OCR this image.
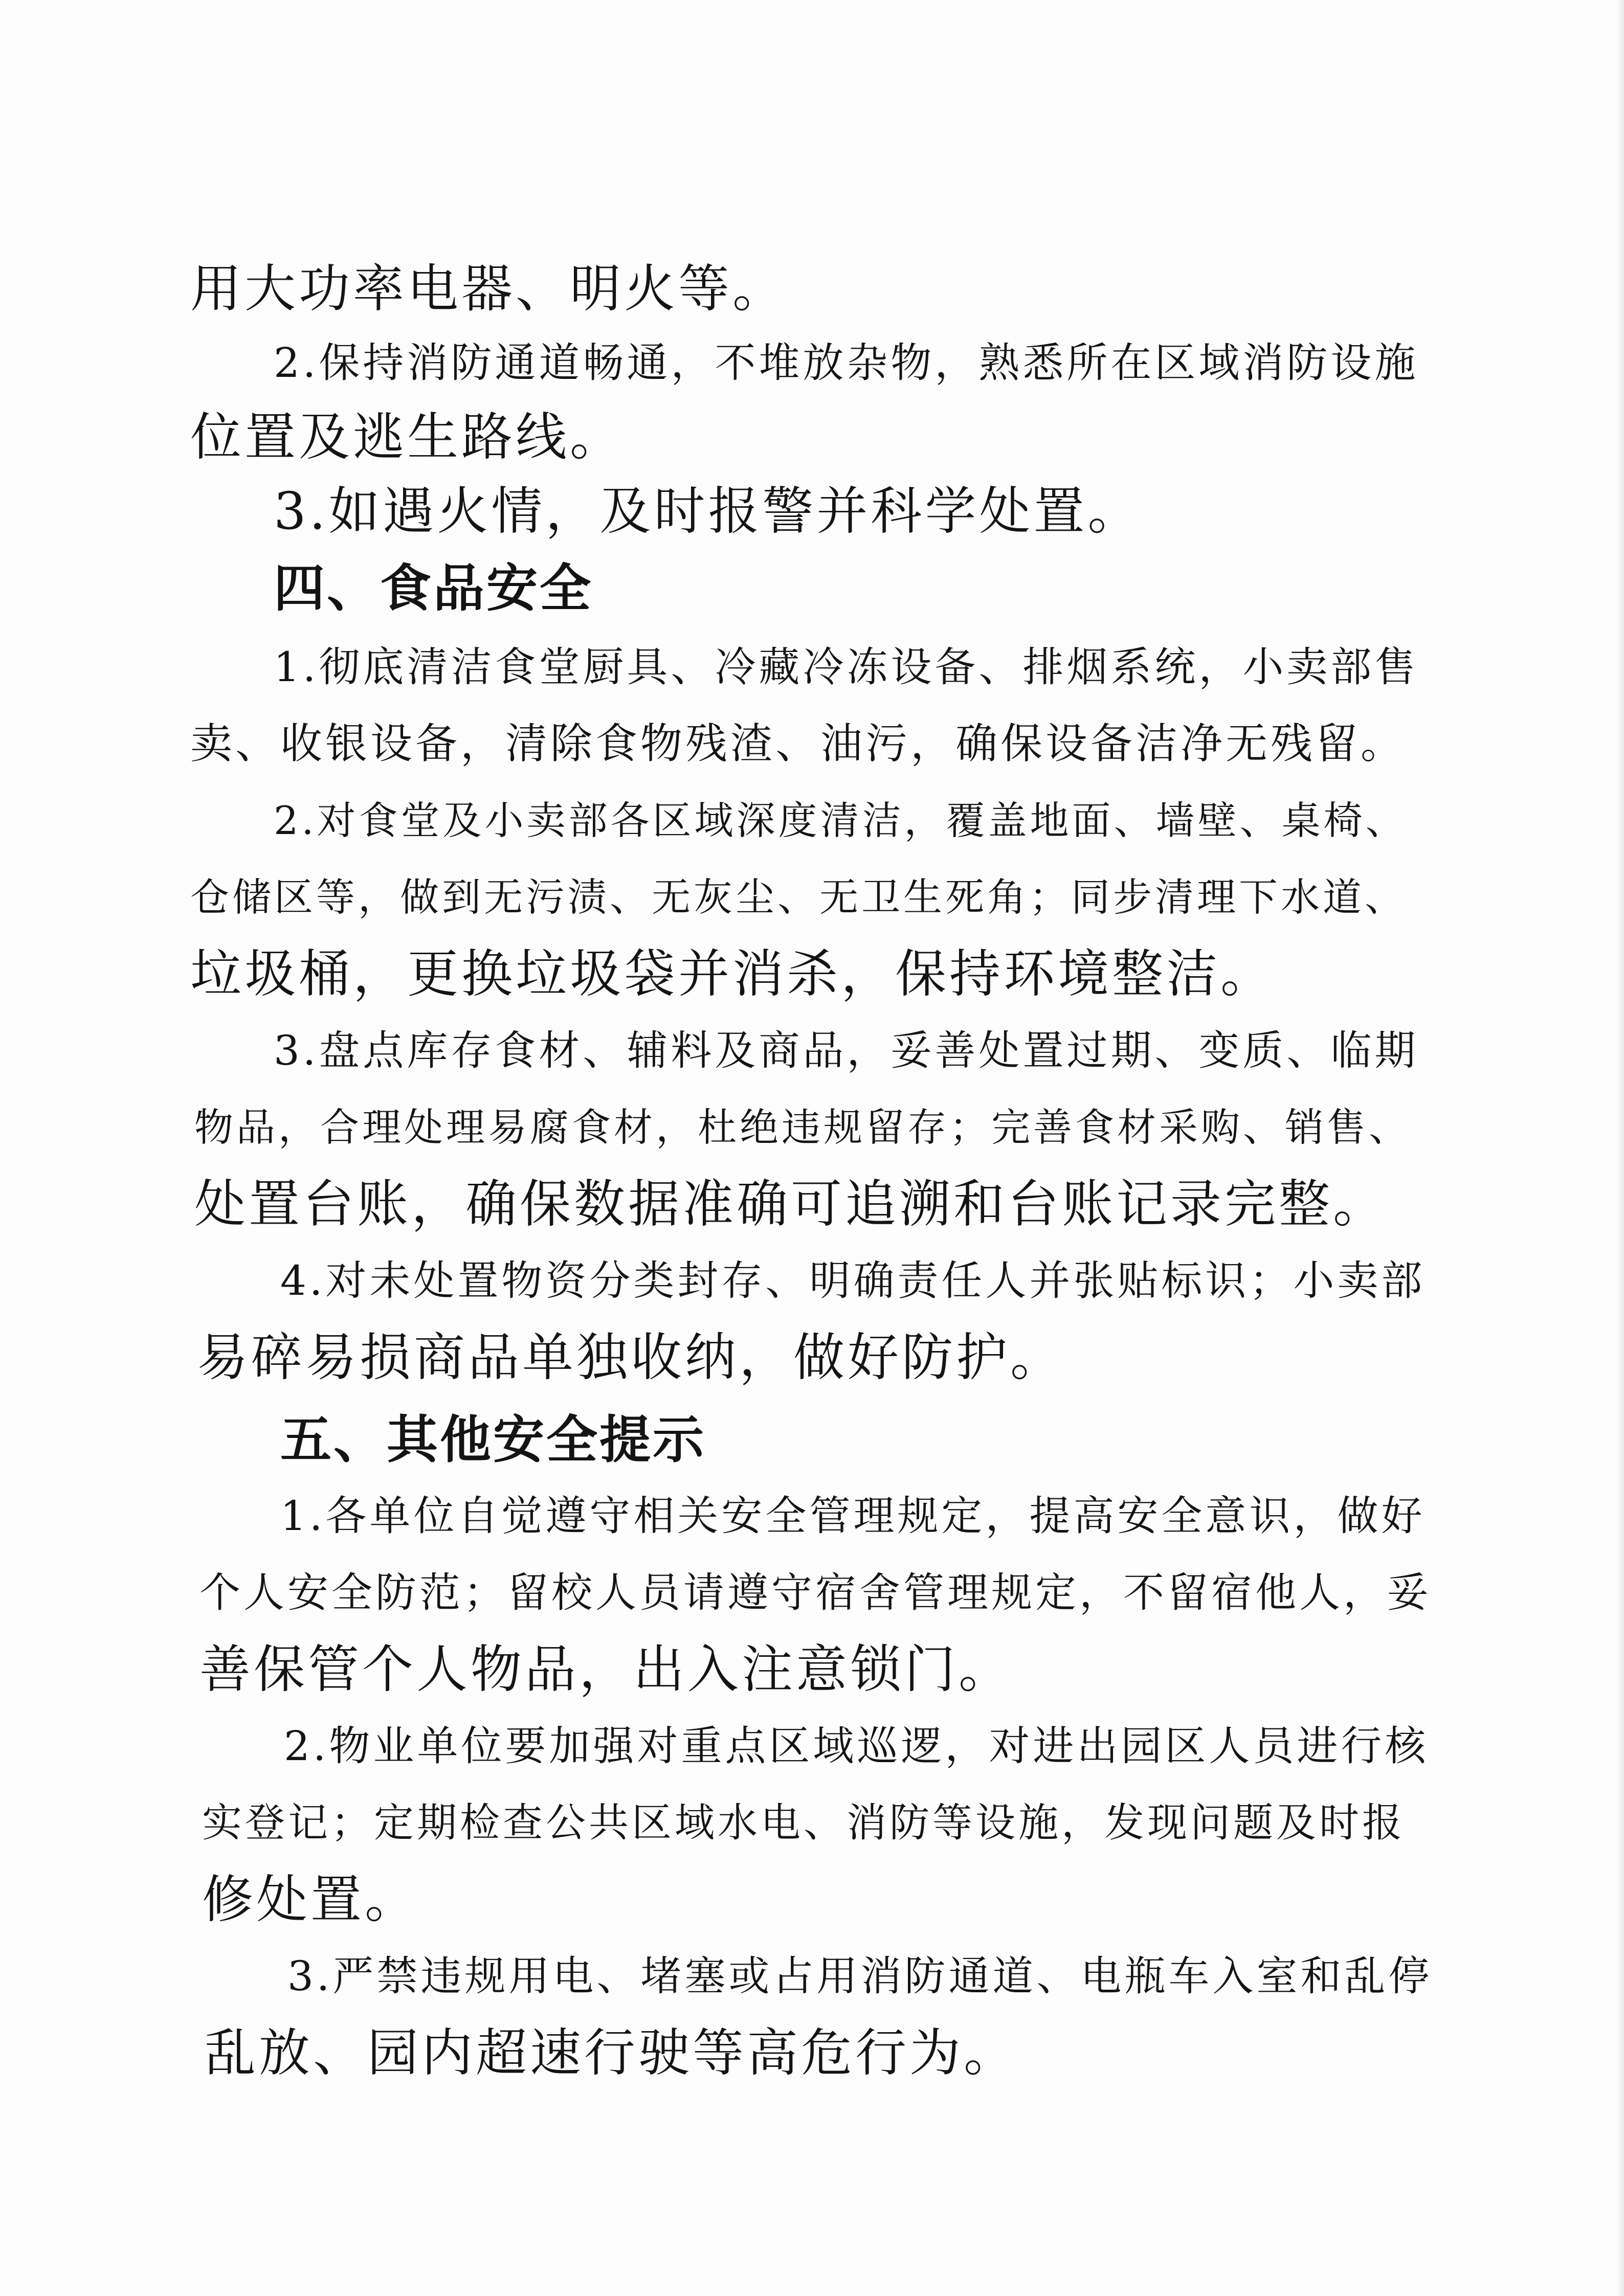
用大功率电器、明火等。
2.保持消防通道畅通，不堆放杂物，熟悉所在区域消防设施
位置及逃生路线。
3.如遇火情，及时报警并科学处置。
四、食品安全
1.彻底清洁食堂厨具、冷藏冷冻设备、排烟系统，小卖部售
卖、收银设备，清除食物残渣、油污，确保设备洁净无残留。
2.对食堂及小卖部各区域深度清洁，覆盖地面、墙壁、桌椅、
仓储区等，做到无污渍、无灰尘、无卫生死角；同步清理下水道、
垃圾桶，更换垃圾袋并消杀，保持环境整洁。
3.盘点库存食材、辅料及商品，妥善处置过期、变质、临期
物品，合理处理易腐食材，杜绝违规留存；完善食材采购、销售、
处置台账，确保数据准确可追溯和台账记录完整。
4.对未处置物资分类封存、明确责任人并张贴标识；小卖部
易碎易损商品单独收纳，做好防护。
五、其他安全提示
1.各单位自觉遵守相关安全管理规定，提高安全意识，做好
个人安全防范；留校人员请遵守宿舍管理规定，不留宿他人，妥
善保管个人物品，出入注意锁门。
2.物业单位要加强对重点区域巡逻，对进出园区人员进行核
实登记；定期检查公共区域水电、消防等设施，发现问题及时报
修处置。
3.严禁违规用电、堵塞或占用消防通道、电瓶车入室和乱停
乱放、园内超速行驶等高危行为。
